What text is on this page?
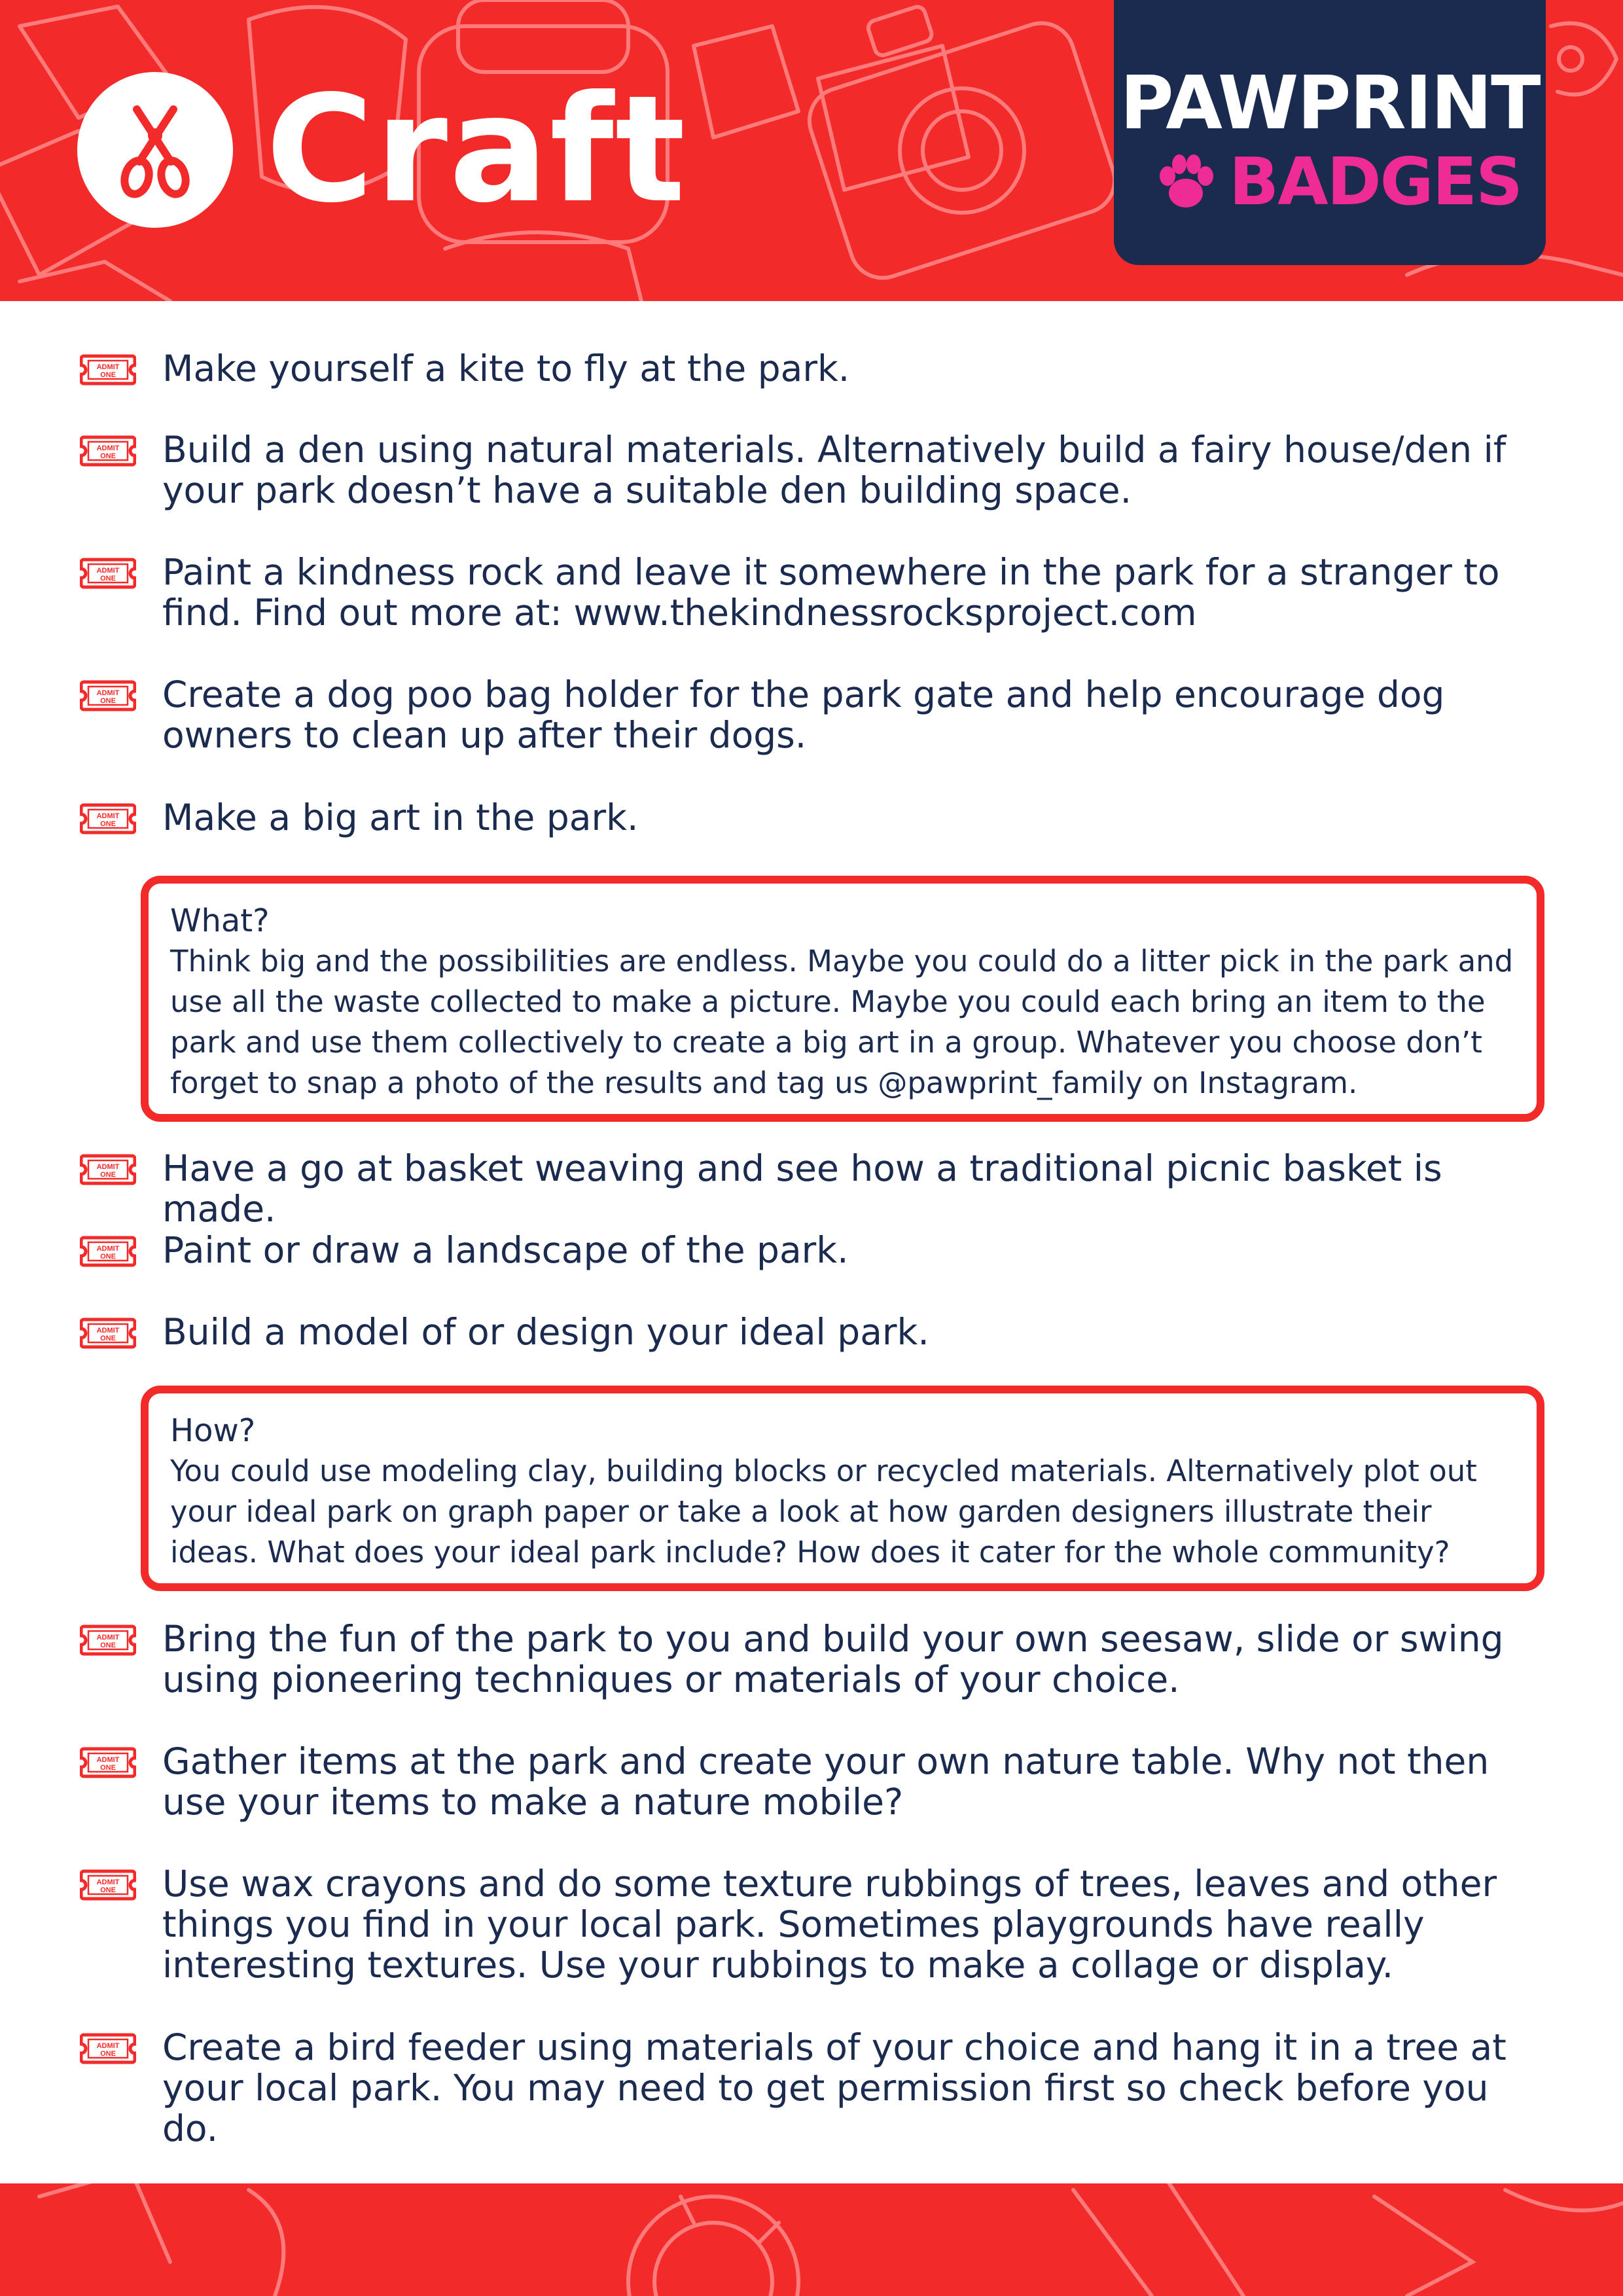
Craft	PAWPRINT
BADGES
ADMIT
ONE Make yourself a kite to fly at the park.
ADMIT
ONE Build a den using natural materials. Alternatively build a fairy house/den if your park doesn’t have a suitable den building space.
ADMIT
ONE Paint a kindness rock and leave it somewhere in the park for a stranger to find. Find out more at: www.thekindnessrocksproject.com
ADMIT
ONE Create a dog poo bag holder for the park gate and help encourage dog owners to clean up after their dogs.
ADMIT
ONE Make a big art in the park.
What?
Think big and the possibilities are endless. Maybe you could do a litter pick in the park and use all the waste collected to make a picture. Maybe you could each bring an item to the park and use them collectively to create a big art in a group. Whatever you choose don’t forget to snap a photo of the results and tag us @pawprint_family on Instagram.
ADMIT
ONE Have a go at basket weaving and see how a traditional picnic basket is made.
ADMIT
ONE Paint or draw a landscape of the park.
ADMIT
ONE Build a model of or design your ideal park.
How?
You could use modeling clay, building blocks or recycled materials. Alternatively plot out your ideal park on graph paper or take a look at how garden designers illustrate their ideas. What does your ideal park include? How does it cater for the whole community?
ADMIT
ONE Bring the fun of the park to you and build your own seesaw, slide or swing using pioneering techniques or materials of your choice.
ADMIT
ONE Gather items at the park and create your own nature table. Why not then use your items to make a nature mobile?
ADMIT
ONE Use wax crayons and do some texture rubbings of trees, leaves and other things you find in your local park. Sometimes playgrounds have really interesting textures. Use your rubbings to make a collage or display.
ADMIT
ONE Create a bird feeder using materials of your choice and hang it in a tree at your local park. You may need to get permission first so check before you do.
